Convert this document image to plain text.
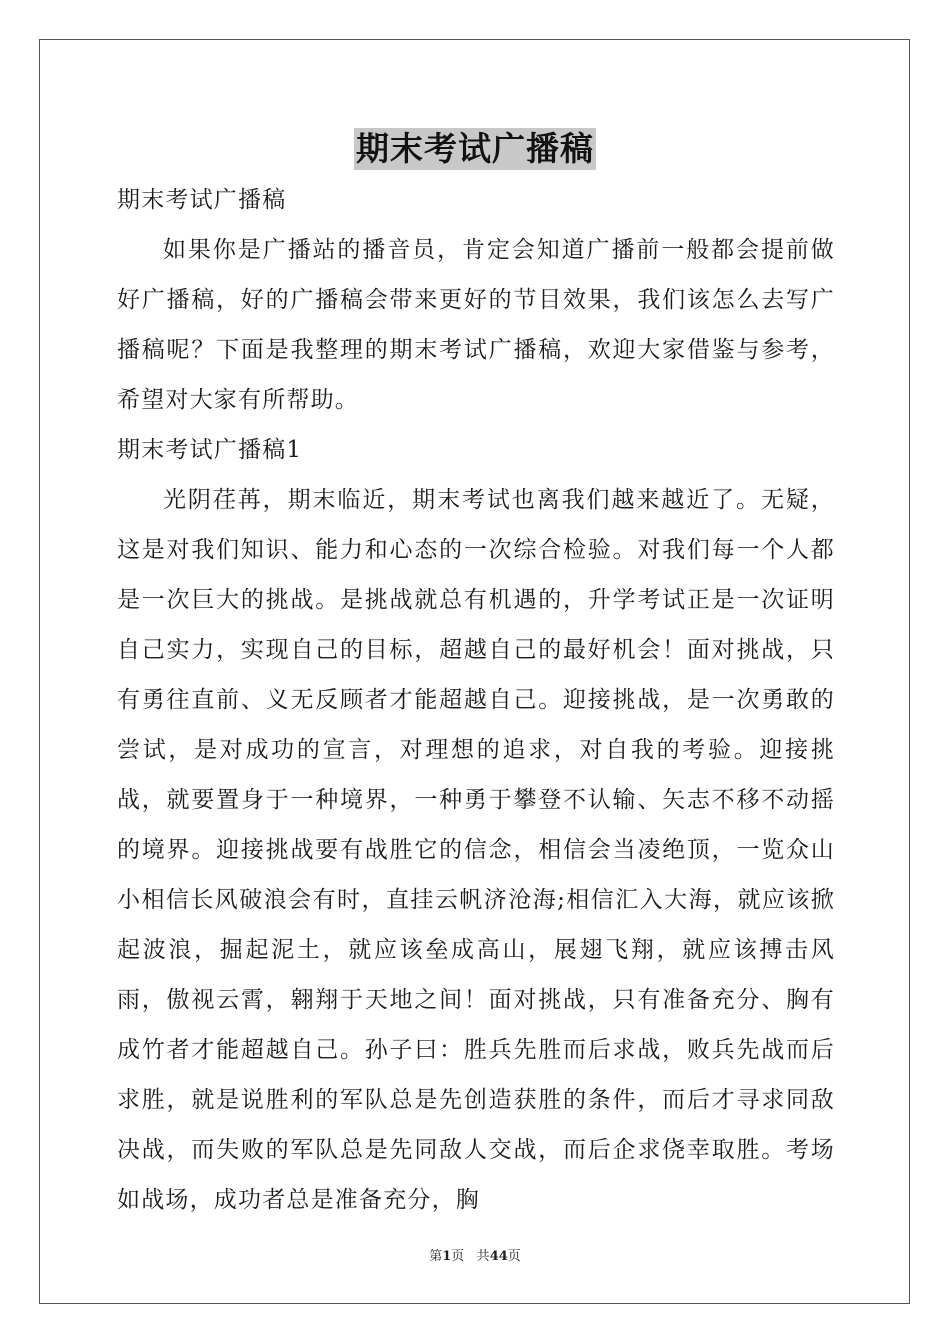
期末考试广播稿

期末考试广播稿

如果你是广播站的播音员，肯定会知道广播前一般都会提前做好广播稿，好的广播稿会带来更好的节目效果，我们该怎么去写广播稿呢？下面是我整理的期末考试广播稿，欢迎大家借鉴与参考，希望对大家有所帮助。

期末考试广播稿1

光阴荏苒，期末临近，期末考试也离我们越来越近了。无疑，这是对我们知识、能力和心态的一次综合检验。对我们每一个人都是一次巨大的挑战。是挑战就总有机遇的，升学考试正是一次证明自己实力，实现自己的目标，超越自己的最好机会！面对挑战，只有勇往直前、义无反顾者才能超越自己。迎接挑战，是一次勇敢的尝试，是对成功的宣言，对理想的追求，对自我的考验。迎接挑战，就要置身于一种境界，一种勇于攀登不认输、矢志不移不动摇的境界。迎接挑战要有战胜它的信念，相信会当凌绝顶，一览众山小相信长风破浪会有时，直挂云帆济沧海;相信汇入大海，就应该掀起波浪，掘起泥土，就应该垒成高山，展翅飞翔，就应该搏击风雨，傲视云霄，翱翔于天地之间！面对挑战，只有准备充分、胸有成竹者才能超越自己。孙子曰：胜兵先胜而后求战，败兵先战而后求胜，就是说胜利的军队总是先创造获胜的条件，而后才寻求同敌决战，而失败的军队总是先同敌人交战，而后企求侥幸取胜。考场如战场，成功者总是准备充分，胸

第1页 共44页
